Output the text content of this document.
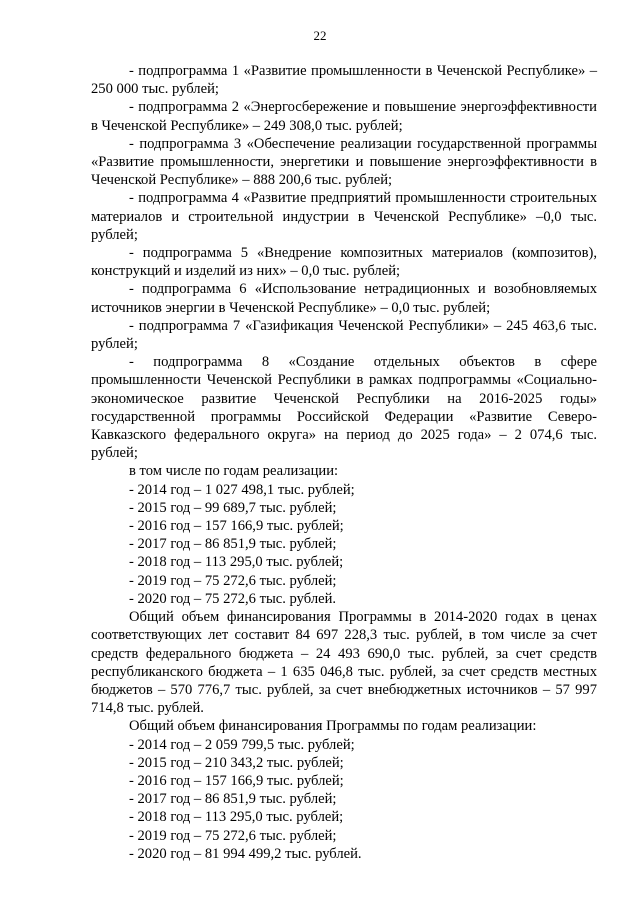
22

- подпрограмма 1 «Развитие промышленности в Чеченской Республике» – 250 000 тыс. рублей;

- подпрограмма 2 «Энергосбережение и повышение энергоэффективности в Чеченской Республике» – 249 308,0 тыс. рублей;

- подпрограмма 3 «Обеспечение реализации государственной программы «Развитие промышленности, энергетики и повышение энергоэффективности в Чеченской Республике» – 888 200,6 тыс. рублей;

- подпрограмма 4 «Развитие предприятий промышленности строительных материалов и строительной индустрии в Чеченской Республике» –0,0 тыс. рублей;

- подпрограмма 5 «Внедрение композитных материалов (композитов), конструкций и изделий из них» – 0,0 тыс. рублей;

- подпрограмма 6 «Использование нетрадиционных и возобновляемых источников энергии в Чеченской Республике» – 0,0 тыс. рублей;

- подпрограмма 7 «Газификация Чеченской Республики» – 245 463,6 тыс. рублей;

- подпрограмма 8 «Создание отдельных объектов в сфере промышленности Чеченской Республики в рамках подпрограммы «Социально-экономическое развитие Чеченской Республики на 2016-2025 годы» государственной программы Российской Федерации «Развитие Северо-Кавказского федерального округа» на период до 2025 года» – 2 074,6 тыс. рублей;

в том числе по годам реализации:

- 2014 год – 1 027 498,1 тыс. рублей;

- 2015 год – 99 689,7 тыс. рублей;

- 2016 год – 157 166,9 тыс. рублей;

- 2017 год – 86 851,9 тыс. рублей;

- 2018 год – 113 295,0 тыс. рублей;

- 2019 год – 75 272,6 тыс. рублей;

- 2020 год – 75 272,6 тыс. рублей.

Общий объем финансирования Программы в 2014-2020 годах в ценах соответствующих лет составит 84 697 228,3 тыс. рублей, в том числе за счет средств федерального бюджета – 24 493 690,0 тыс. рублей, за счет средств республиканского бюджета – 1 635 046,8 тыс. рублей, за счет средств местных бюджетов – 570 776,7 тыс. рублей, за счет внебюджетных источников – 57 997 714,8 тыс. рублей.

Общий объем финансирования Программы по годам реализации:

- 2014 год – 2 059 799,5 тыс. рублей;

- 2015 год – 210 343,2 тыс. рублей;

- 2016 год – 157 166,9 тыс. рублей;

- 2017 год – 86 851,9 тыс. рублей;

- 2018 год – 113 295,0 тыс. рублей;

- 2019 год – 75 272,6 тыс. рублей;

- 2020 год – 81 994 499,2 тыс. рублей.
